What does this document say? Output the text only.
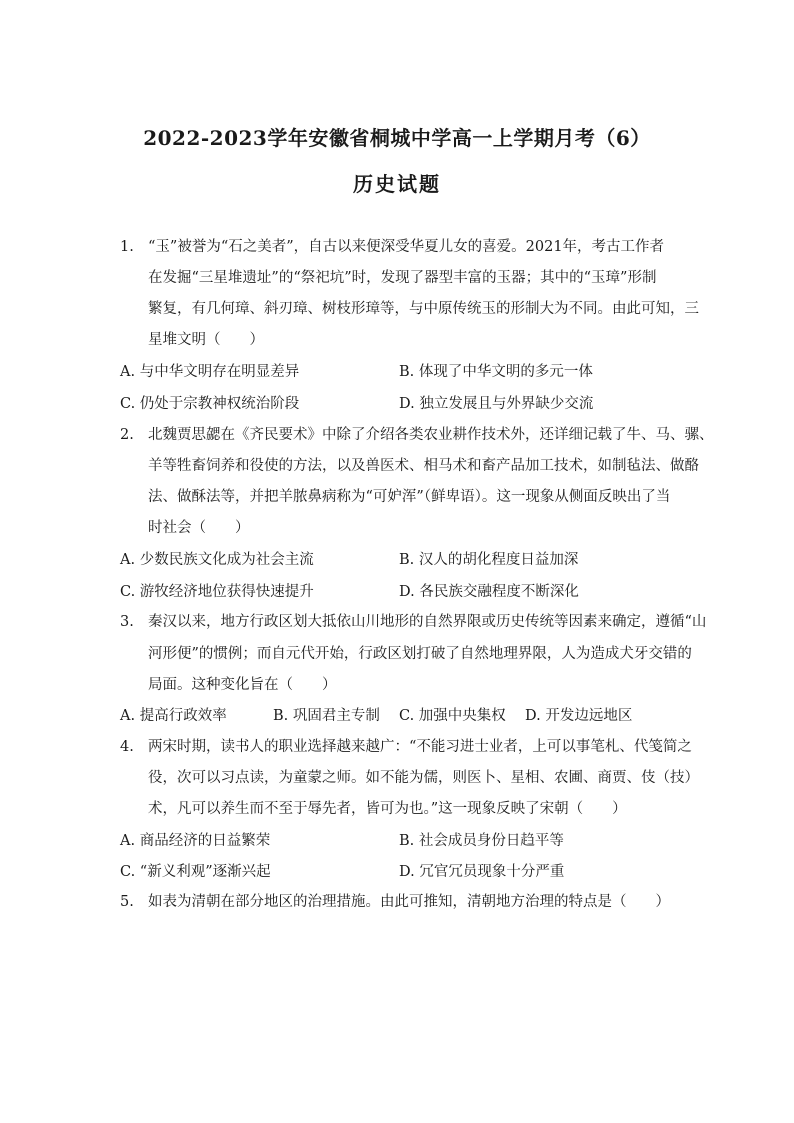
2022-2023学年安徽省桐城中学高一上学期月考（6）
历史试题
1. “玉”被誉为“石之美者”，自古以来便深受华夏儿女的喜爱。2021年，考古工作者
在发掘“三星堆遗址”的“祭祀坑”时，发现了器型丰富的玉器；其中的“玉璋”形制
繁复，有几何璋、斜刃璋、树枝形璋等，与中原传统玉的形制大为不同。由此可知，三
星堆文明（　　）
A. 与中华文明存在明显差异	B. 体现了中华文明的多元一体
C. 仍处于宗教神权统治阶段	D. 独立发展且与外界缺少交流
2. 北魏贾思勰在《齐民要术》中除了介绍各类农业耕作技术外，还详细记载了牛、马、骡、
羊等牲畜饲养和役使的方法，以及兽医术、相马术和畜产品加工技术，如制毡法、做酪
法、做酥法等，并把羊脓鼻病称为“可妒浑”（鲜卑语）。这一现象从侧面反映出了当
时社会（　　）
A. 少数民族文化成为社会主流	B. 汉人的胡化程度日益加深
C. 游牧经济地位获得快速提升	D. 各民族交融程度不断深化
3. 秦汉以来，地方行政区划大抵依山川地形的自然界限或历史传统等因素来确定，遵循“山
河形便”的惯例；而自元代开始，行政区划打破了自然地理界限，人为造成犬牙交错的
局面。这种变化旨在（　　）
A. 提高行政效率	B. 巩固君主专制 C. 加强中央集权 D. 开发边远地区
4. 两宋时期，读书人的职业选择越来越广：“不能习进士业者，上可以事笔札、代笺简之
役，次可以习点读，为童蒙之师。如不能为儒，则医卜、星相、农圃、商贾、伎（技）
术，凡可以养生而不至于辱先者，皆可为也。”这一现象反映了宋朝（　　）
A. 商品经济的日益繁荣	B. 社会成员身份日趋平等
C. “新义利观”逐渐兴起	D. 冗官冗员现象十分严重
5. 如表为清朝在部分地区的治理措施。由此可推知，清朝地方治理的特点是（　　）
